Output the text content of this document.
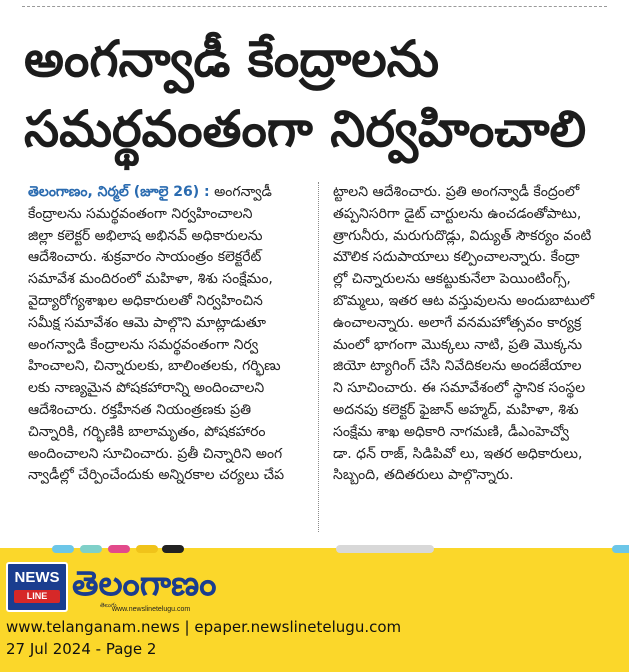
అంగన్వాడీ కేంద్రాలను
సమర్థవంతంగా నిర్వహించాలి
తెలంగాణం, నిర్మల్ (జూలై 26) : అంగన్వాడీ
కేంద్రాలను సమర్థవంతంగా నిర్వహించాలని
జిల్లా కలెక్టర్ అభిలాష అభినవ్ అధికారులను
ఆదేశించారు. శుక్రవారం సాయంత్రం కలెక్టరేట్
సమావేశ మందిరంలో మహిళా, శిశు సంక్షేమం,
వైద్యారోగ్యశాఖల అధికారులతో నిర్వహించిన
సమీక్ష సమావేశం ఆమె పాల్గొని మాట్లాడుతూ
అంగన్వాడి కేంద్రాలను సమర్థవంతంగా నిర్వ
హించాలని, చిన్నారులకు, బాలింతలకు, గర్భిణు
లకు నాణ్యమైన పోషకహారాన్ని అందించాలని
ఆదేశించారు. రక్తహీనత నియంత్రణకు ప్రతి
చిన్నారికి, గర్భిణికి బాలామృతం, పోషకహారం
అందించాలని సూచించారు. ప్రతీ చిన్నారిని అంగ
న్వాడీల్లో చేర్పించేందుకు అన్నిరకాల చర్యలు చేప
ట్టాలని ఆదేశించారు. ప్రతి అంగన్వాడీ కేంద్రంలో
తప్పనిసరిగా డైట్ చార్టులను ఉంచడంతోపాటు,
త్రాగునీరు, మరుగుదొడ్లు, విద్యుత్ సౌకర్యం వంటి
మౌలిక సదుపాయాలు కల్పించాలన్నారు. కేంద్రా
ల్లో చిన్నారులను ఆకట్టుకునేలా పెయింటింగ్స్,
బొమ్మలు, ఇతర ఆట వస్తువులను అందుబాటులో
ఉంచాలన్నారు. అలాగే వనమహోత్సవం కార్యక్ర
మంలో భాగంగా మొక్కలు నాటి, ప్రతి మొక్కను
జియో ట్యాగింగ్ చేసి నివేదికలను అందజేయాల
ని సూచించారు. ఈ సమావేశంలో స్థానిక సంస్థల
అదనపు కలెక్టర్ ఫైజాన్ అహ్మద్, మహిళా, శిశు
సంక్షేమ శాఖ అధికారి నాగమణి, డీఎంహెచ్వో
డా. ధన్ రాజ్, సిడిపివో లు, ఇతర అధికారులు,
సిబ్బంది, తదితరులు పాల్గొన్నారు.
NEWS
LINE తెలంగాణం
తెలుగు
www.newslinetelugu.com
www.telanganam.news | epaper.newslinetelugu.com
27 Jul 2024 - Page 2
